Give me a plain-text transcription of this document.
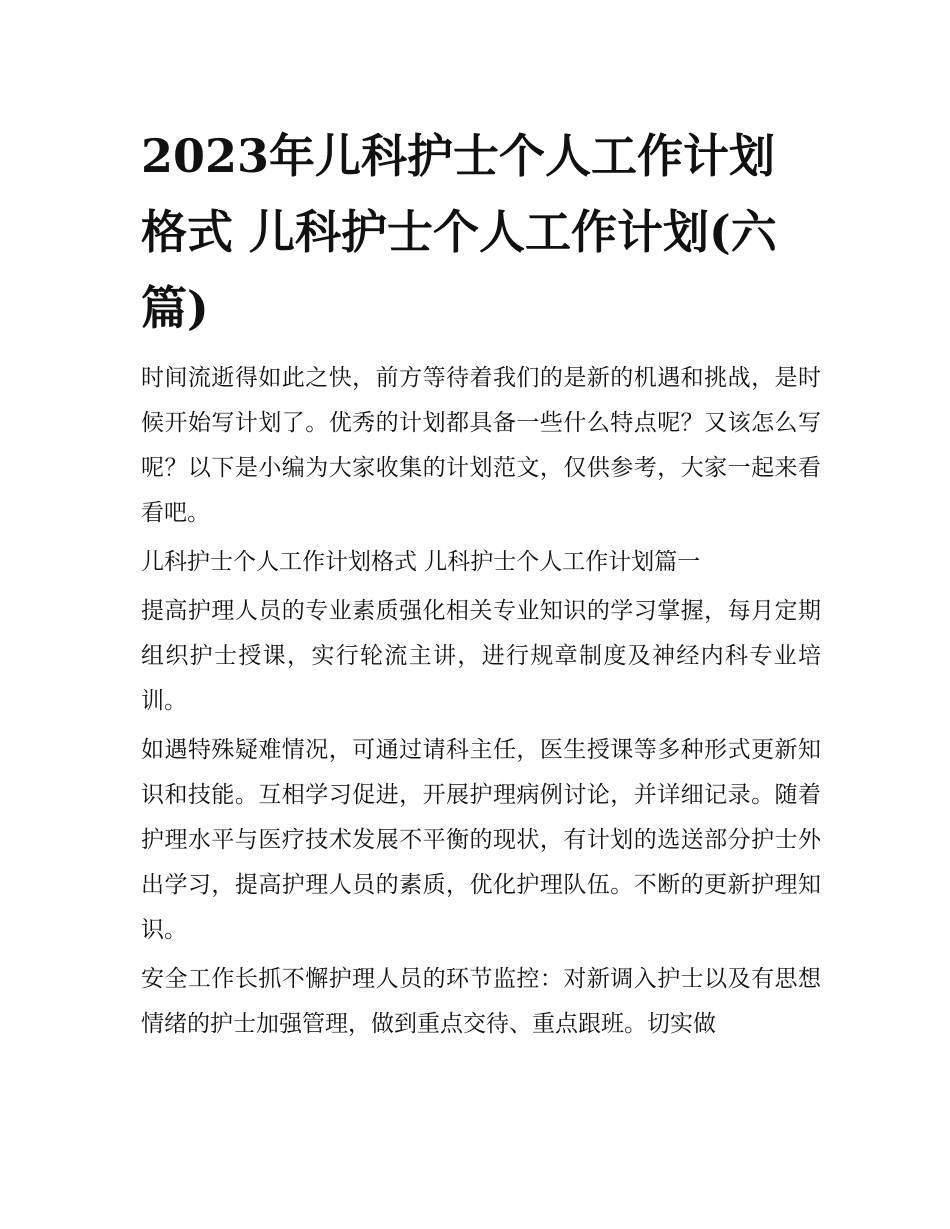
2023年儿科护士个人工作计划格式 儿科护士个人工作计划(六篇)

时间流逝得如此之快，前方等待着我们的是新的机遇和挑战，是时候开始写计划了。优秀的计划都具备一些什么特点呢？又该怎么写呢？以下是小编为大家收集的计划范文，仅供参考，大家一起来看看吧。

儿科护士个人工作计划格式 儿科护士个人工作计划篇一

提高护理人员的专业素质强化相关专业知识的学习掌握，每月定期组织护士授课，实行轮流主讲，进行规章制度及神经内科专业培训。

如遇特殊疑难情况，可通过请科主任，医生授课等多种形式更新知识和技能。互相学习促进，开展护理病例讨论，并详细记录。随着护理水平与医疗技术发展不平衡的现状，有计划的选送部分护士外出学习，提高护理人员的素质，优化护理队伍。不断的更新护理知识。

安全工作长抓不懈护理人员的环节监控：对新调入护士以及有思想情绪的护士加强管理，做到重点交待、重点跟班。切实做
